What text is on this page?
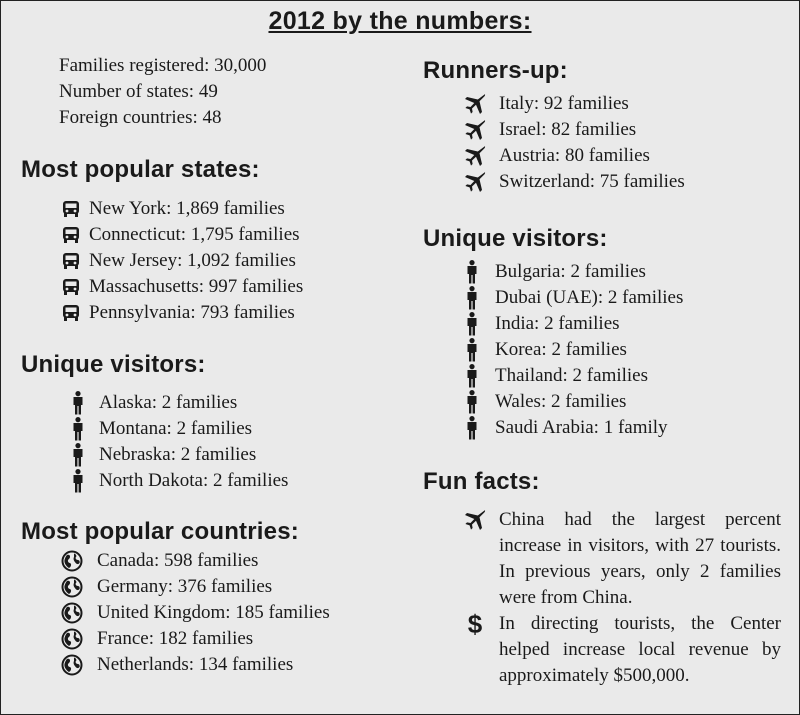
2012 by the numbers:
Families registered: 30,000
Number of states: 49
Foreign countries: 48
Most popular states:
New York: 1,869 families
Connecticut: 1,795 families
New Jersey: 1,092 families
Massachusetts: 997 families
Pennsylvania: 793 families
Unique visitors:
Alaska: 2 families
Montana: 2 families
Nebraska: 2 families
North Dakota: 2 families
Most popular countries:
Canada: 598 families
Germany: 376 families
United Kingdom: 185 families
France: 182 families
Netherlands: 134 families
Runners-up:
Italy: 92 families
Israel: 82 families
Austria: 80 families
Switzerland: 75 families
Unique visitors:
Bulgaria: 2 families
Dubai (UAE): 2 families
India: 2 families
Korea: 2 families
Thailand: 2 families
Wales: 2 families
Saudi Arabia: 1 family
Fun facts:

China had the largest percent increase in visitors, with 27 tourists. In previous years, only 2 families were from China.

$ In directing tourists, the Center helped increase local revenue by approximately $500,000.
